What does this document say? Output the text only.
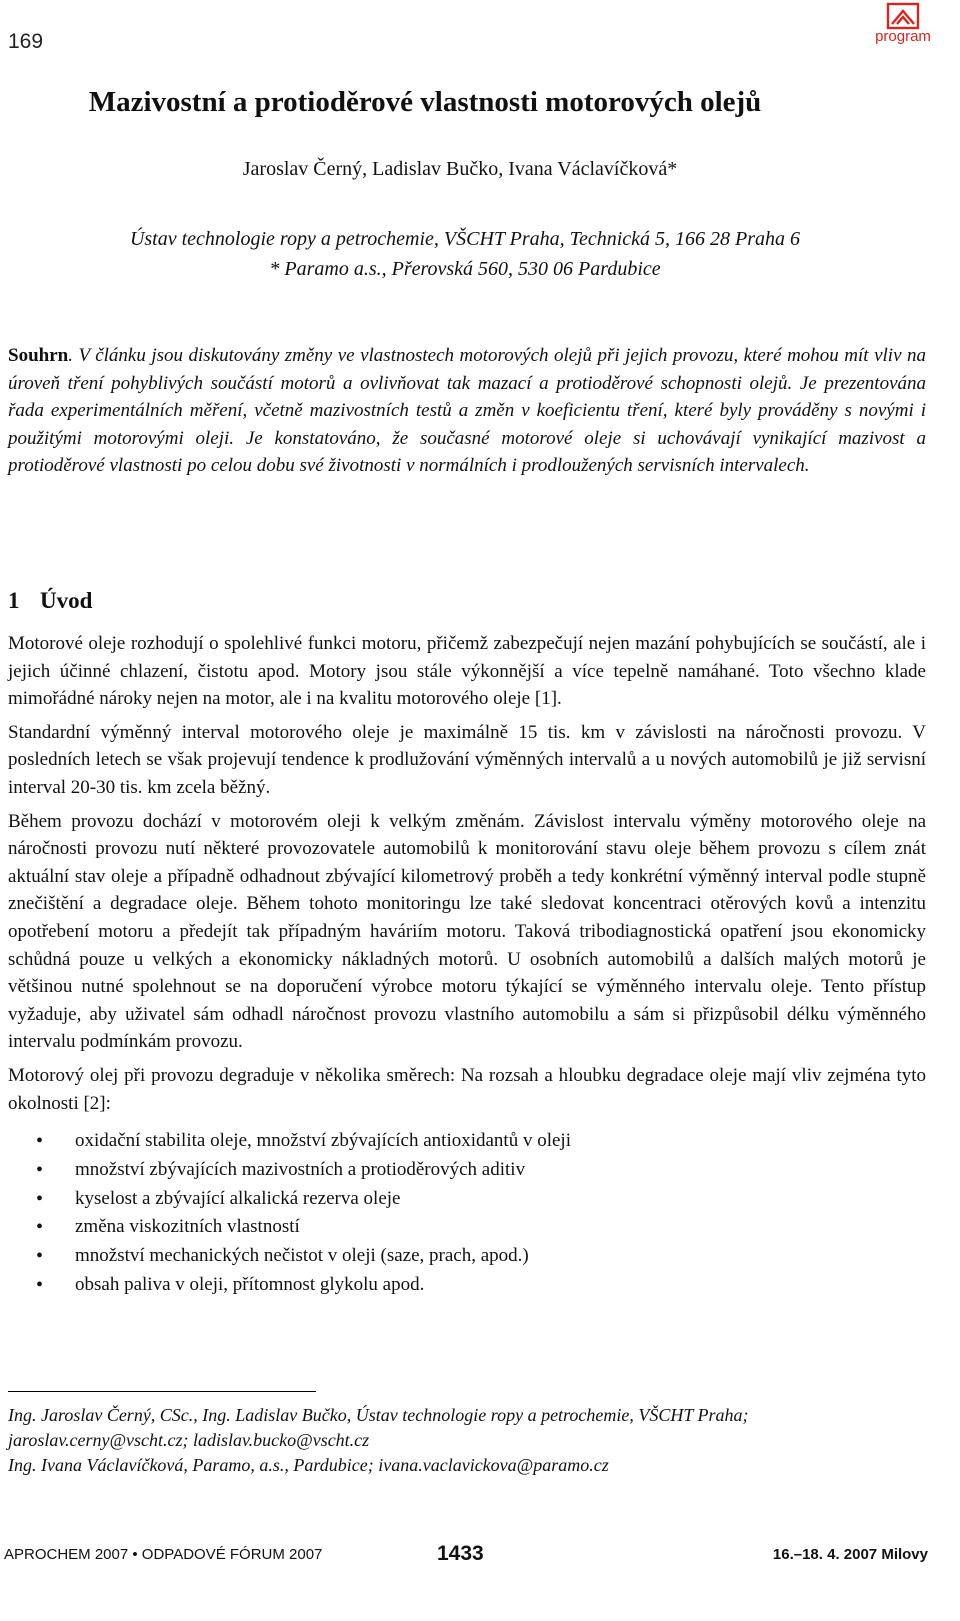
169	program
Mazivostní a protioděrové vlastnosti motorových olejů
Jaroslav Černý, Ladislav Bučko, Ivana Václavíčková*
Ústav technologie ropy a petrochemie, VŠCHT Praha, Technická 5, 166 28 Praha 6
* Paramo a.s., Přerovská 560, 530 06 Pardubice
Souhrn. V článku jsou diskutovány změny ve vlastnostech motorových olejů při jejich provozu, které mohou mít vliv na úroveň tření pohyblivých součástí motorů a ovlivňovat tak mazací a protioděrové schopnosti olejů. Je prezentována řada experimentálních měření, včetně mazivostních testů a změn v koeficientu tření, které byly prováděny s novými i použitými motorovými oleji. Je konstatováno, že současné motorové oleje si uchovávají vynikající mazivost a protioděrové vlastnosti po celou dobu své životnosti v normálních i prodloužených servisních intervalech.
1 Úvod

Motorové oleje rozhodují o spolehlivé funkci motoru, přičemž zabezpečují nejen mazání pohybujících se součástí, ale i jejich účinné chlazení, čistotu apod. Motory jsou stále výkonnější a více tepelně namáhané. Toto všechno klade mimořádné nároky nejen na motor, ale i na kvalitu motorového oleje [1].

Standardní výměnný interval motorového oleje je maximálně 15 tis. km v závislosti na náročnosti provozu. V posledních letech se však projevují tendence k prodlužování výměnných intervalů a u nových automobilů je již servisní interval 20-30 tis. km zcela běžný.

Během provozu dochází v motorovém oleji k velkým změnám. Závislost intervalu výměny motorového oleje na náročnosti provozu nutí některé provozovatele automobilů k monitorování stavu oleje během provozu s cílem znát aktuální stav oleje a případně odhadnout zbývající kilometrový proběh a tedy konkrétní výměnný interval podle stupně znečištění a degradace oleje. Během tohoto monitoringu lze také sledovat koncentraci otěrových kovů a intenzitu opotřebení motoru a předejít tak případným haváriím motoru. Taková tribodiagnostická opatření jsou ekonomicky schůdná pouze u velkých a ekonomicky nákladných motorů. U osobních automobilů a dalších malých motorů je většinou nutné spolehnout se na doporučení výrobce motoru týkající se výměnného intervalu oleje. Tento přístup vyžaduje, aby uživatel sám odhadl náročnost provozu vlastního automobilu a sám si přizpůsobil délku výměnného intervalu podmínkám provozu.

Motorový olej při provozu degraduje v několika směrech: Na rozsah a hloubku degradace oleje mají vliv zejména tyto okolnosti [2]:

• oxidační stabilita oleje, množství zbývajících antioxidantů v oleji
• množství zbývajících mazivostních a protioděrových aditiv
• kyselost a zbývající alkalická rezerva oleje
• změna viskozitních vlastností
• množství mechanických nečistot v oleji (saze, prach, apod.)
• obsah paliva v oleji, přítomnost glykolu apod.
Ing. Jaroslav Černý, CSc., Ing. Ladislav Bučko, Ústav technologie ropy a petrochemie, VŠCHT Praha;
jaroslav.cerny@vscht.cz; ladislav.bucko@vscht.cz
Ing. Ivana Václavíčková, Paramo, a.s., Pardubice; ivana.vaclavickova@paramo.cz
APROCHEM 2007 • ODPADOVÉ FÓRUM 2007	1433	16.–18. 4. 2007 Milovy
